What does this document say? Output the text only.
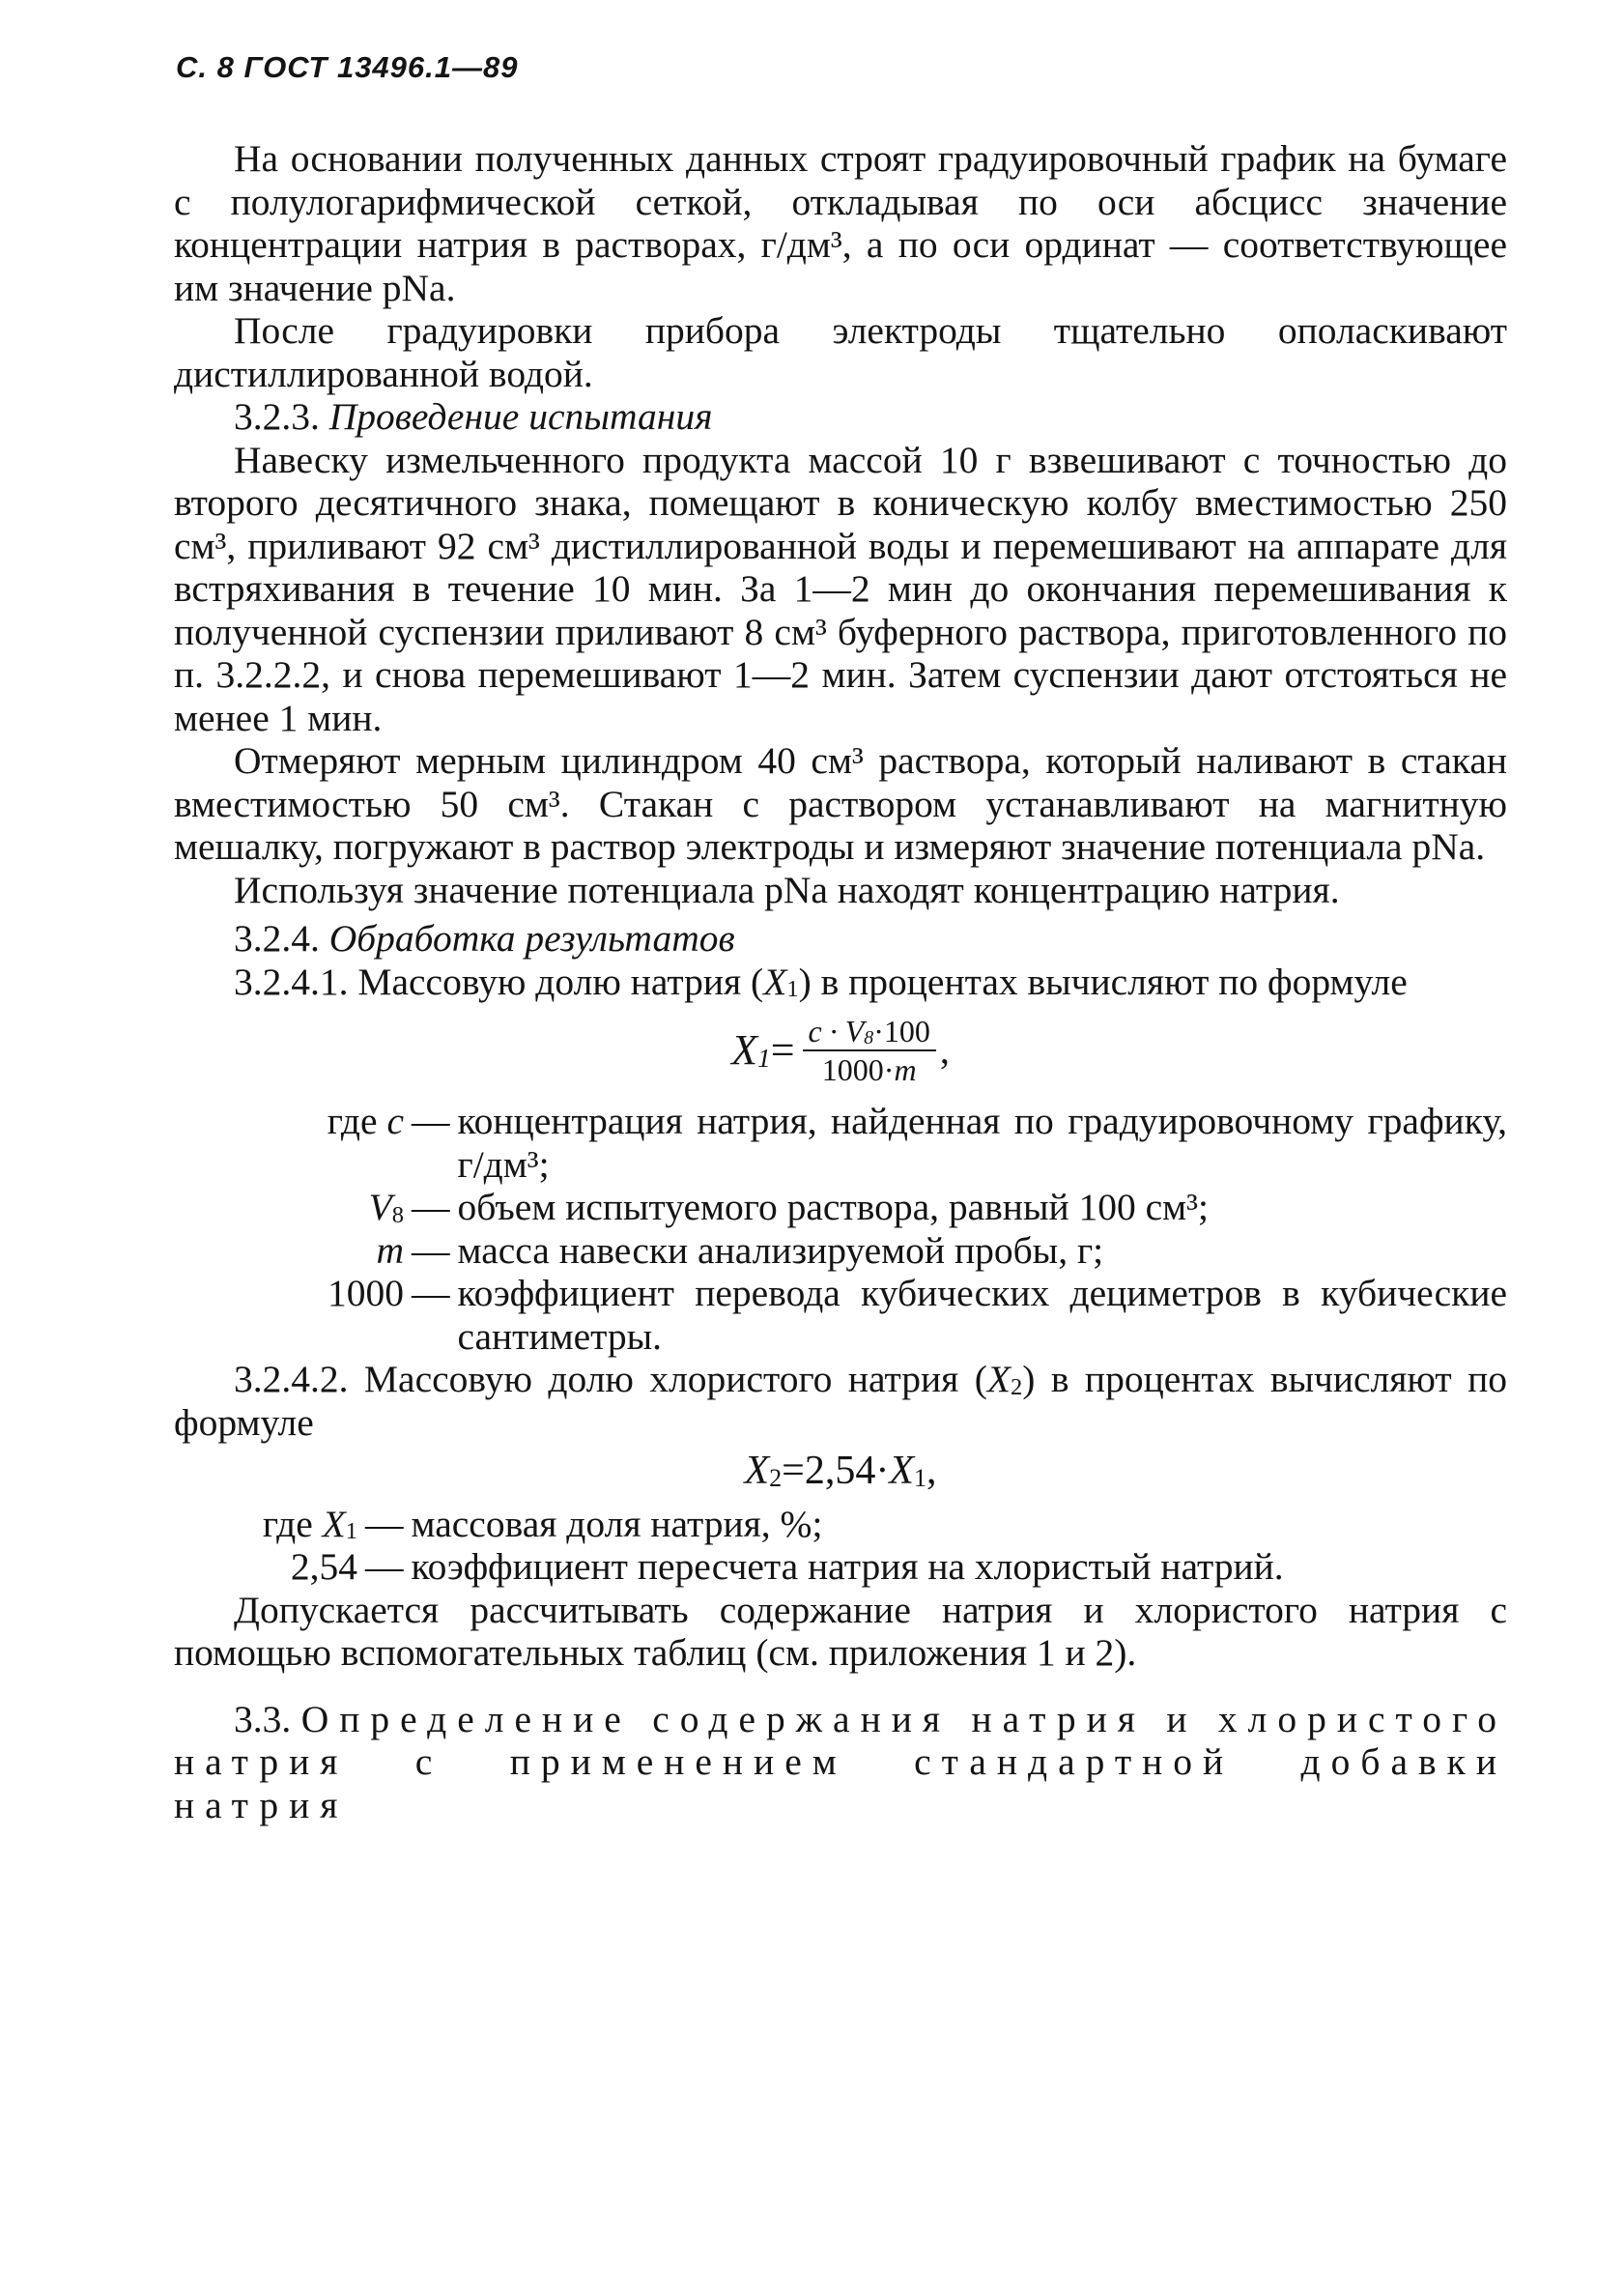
С. 8 ГОСТ 13496.1—89

На основании полученных данных строят градуировочный график на бумаге с полулогарифмической сеткой, откладывая по оси абсцисс значение концентрации натрия в растворах, г/дм³, а по оси ординат — соответствующее им значение pNa.

После градуировки прибора электроды тщательно ополаскивают дистиллированной водой.

3.2.3. Проведение испытания

Навеску измельченного продукта массой 10 г взвешивают с точностью до второго десятичного знака, помещают в коническую колбу вместимостью 250 см³, приливают 92 см³ дистиллированной воды и перемешивают на аппарате для встряхивания в течение 10 мин. За 1—2 мин до окончания перемешивания к полученной суспензии приливают 8 см³ буферного раствора, приготовленного по п. 3.2.2.2, и снова перемешивают 1—2 мин. Затем суспензии дают отстояться не менее 1 мин.

Отмеряют мерным цилиндром 40 см³ раствора, который наливают в стакан вместимостью 50 см³. Стакан с раствором устанавливают на магнитную мешалку, погружают в раствор электроды и измеряют значение потенциала pNa.

Используя значение потенциала pNa находят концентрацию натрия.

3.2.4. Обработка результатов

3.2.4.1. Массовую долю натрия $(X_1)$ в процентах вычисляют по формуле

$X_1= \frac{c \cdot V_8\cdot 100}{1000\cdot m}$ ,
где c — концентрация натрия, найденная по градуировочному графику, г/дм³;
$V_8$ — объем испытуемого раствора, равный 100 см³;
m — масса навески анализируемой пробы, г;
1000 — коэффициент перевода кубических дециметров в кубические сантиметры.

3.2.4.2. Массовую долю хлористого натрия $(X_2)$ в процентах вычисляют по формуле

$X_2=2,54\cdot X_1$,
где $X_1$ — массовая доля натрия, %;
2,54 — коэффициент пересчета натрия на хлористый натрий.

Допускается рассчитывать содержание натрия и хлористого натрия с помощью вспомогательных таблиц (см. приложения 1 и 2).

3.3. Определение содержания натрия и хлористого натрия с применением стандартной добавки натрия
